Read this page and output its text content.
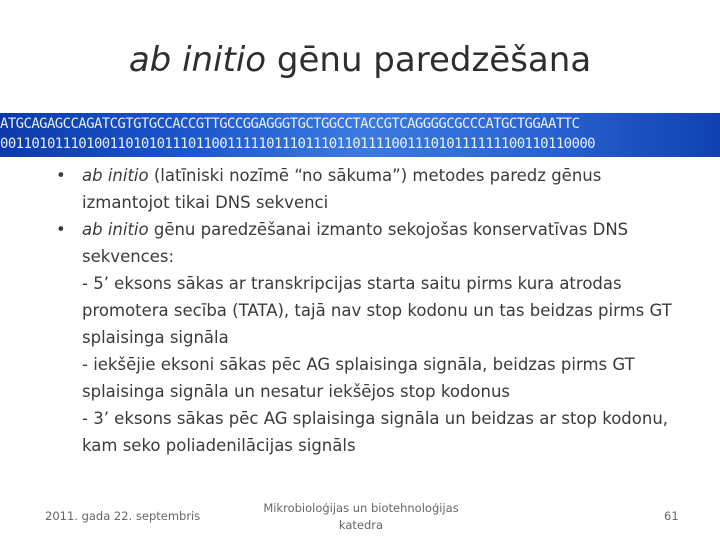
ab initio gēnu paredzēšana
ATGCAGAGCCAGATCGTGTGCCACCGTTGCCGGAGGGTGCTGGCCTACCGTCAGGGGCGCCCATGCTGGAATTC
0011010111010011010101110110011111011101110110111100111010111111100110110000
• ab initio (latīniski nozīmē “no sākuma”) metodes paredz gēnus izmantojot tikai DNS sekvenci
• ab initio gēnu paredzēšanai izmanto sekojošas konservatīvas DNS sekvences:
- 5’ eksons sākas ar transkripcijas starta saitu pirms kura atrodas promotera secība (TATA), tajā nav stop kodonu un tas beidzas pirms GT splaisinga signāla
- iekšējie eksoni sākas pēc AG splaisinga signāla, beidzas pirms GT splaisinga signāla un nesatur iekšējos stop kodonus
- 3’ eksons sākas pēc AG splaisinga signāla un beidzas ar stop kodonu, kam seko poliadenilācijas signāls
2011. gada 22. septembris
Mikrobioloģijas un biotehnoloģijas
katedra
61
